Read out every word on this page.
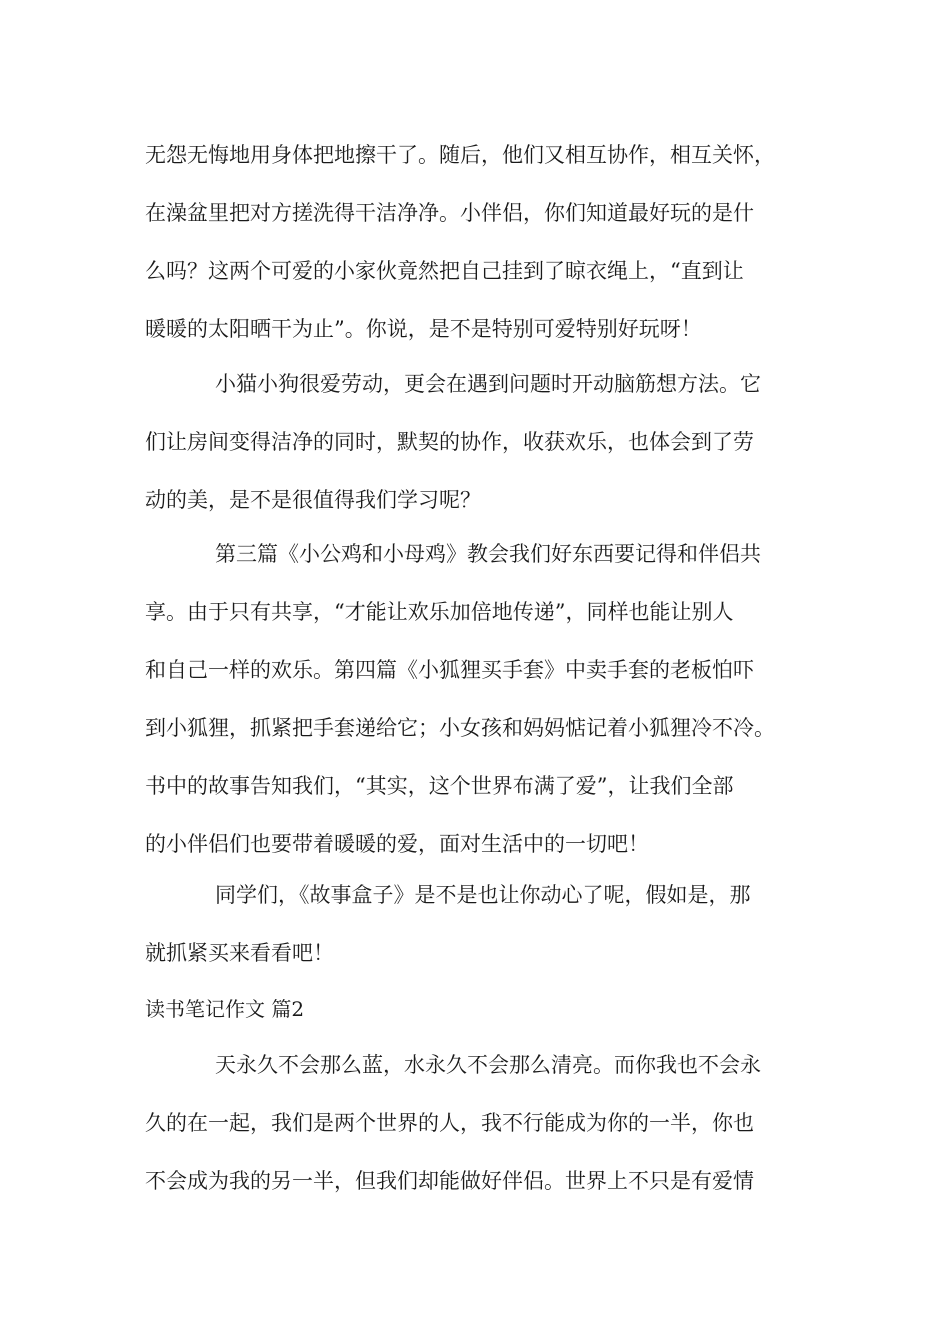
无怨无悔地用身体把地擦干了。随后，他们又相互协作，相互关怀，
在澡盆里把对方搓洗得干洁净净。小伴侣，你们知道最好玩的是什
么吗？这两个可爱的小家伙竟然把自己挂到了晾衣绳上，“直到让
暖暖的太阳晒干为止”。你说，是不是特别可爱特别好玩呀！
小猫小狗很爱劳动，更会在遇到问题时开动脑筋想方法。它
们让房间变得洁净的同时，默契的协作，收获欢乐，也体会到了劳
动的美，是不是很值得我们学习呢？
第三篇《小公鸡和小母鸡》教会我们好东西要记得和伴侣共
享。由于只有共享，“才能让欢乐加倍地传递”，同样也能让别人
和自己一样的欢乐。第四篇《小狐狸买手套》中卖手套的老板怕吓
到小狐狸，抓紧把手套递给它；小女孩和妈妈惦记着小狐狸冷不冷。
书中的故事告知我们，“其实，这个世界布满了爱”，让我们全部
的小伴侣们也要带着暖暖的爱，面对生活中的一切吧！
同学们，《故事盒子》是不是也让你动心了呢，假如是，那
就抓紧买来看看吧！
读书笔记作文 篇2
天永久不会那么蓝，水永久不会那么清亮。而你我也不会永
久的在一起，我们是两个世界的人，我不行能成为你的一半，你也
不会成为我的另一半，但我们却能做好伴侣。世界上不只是有爱情
